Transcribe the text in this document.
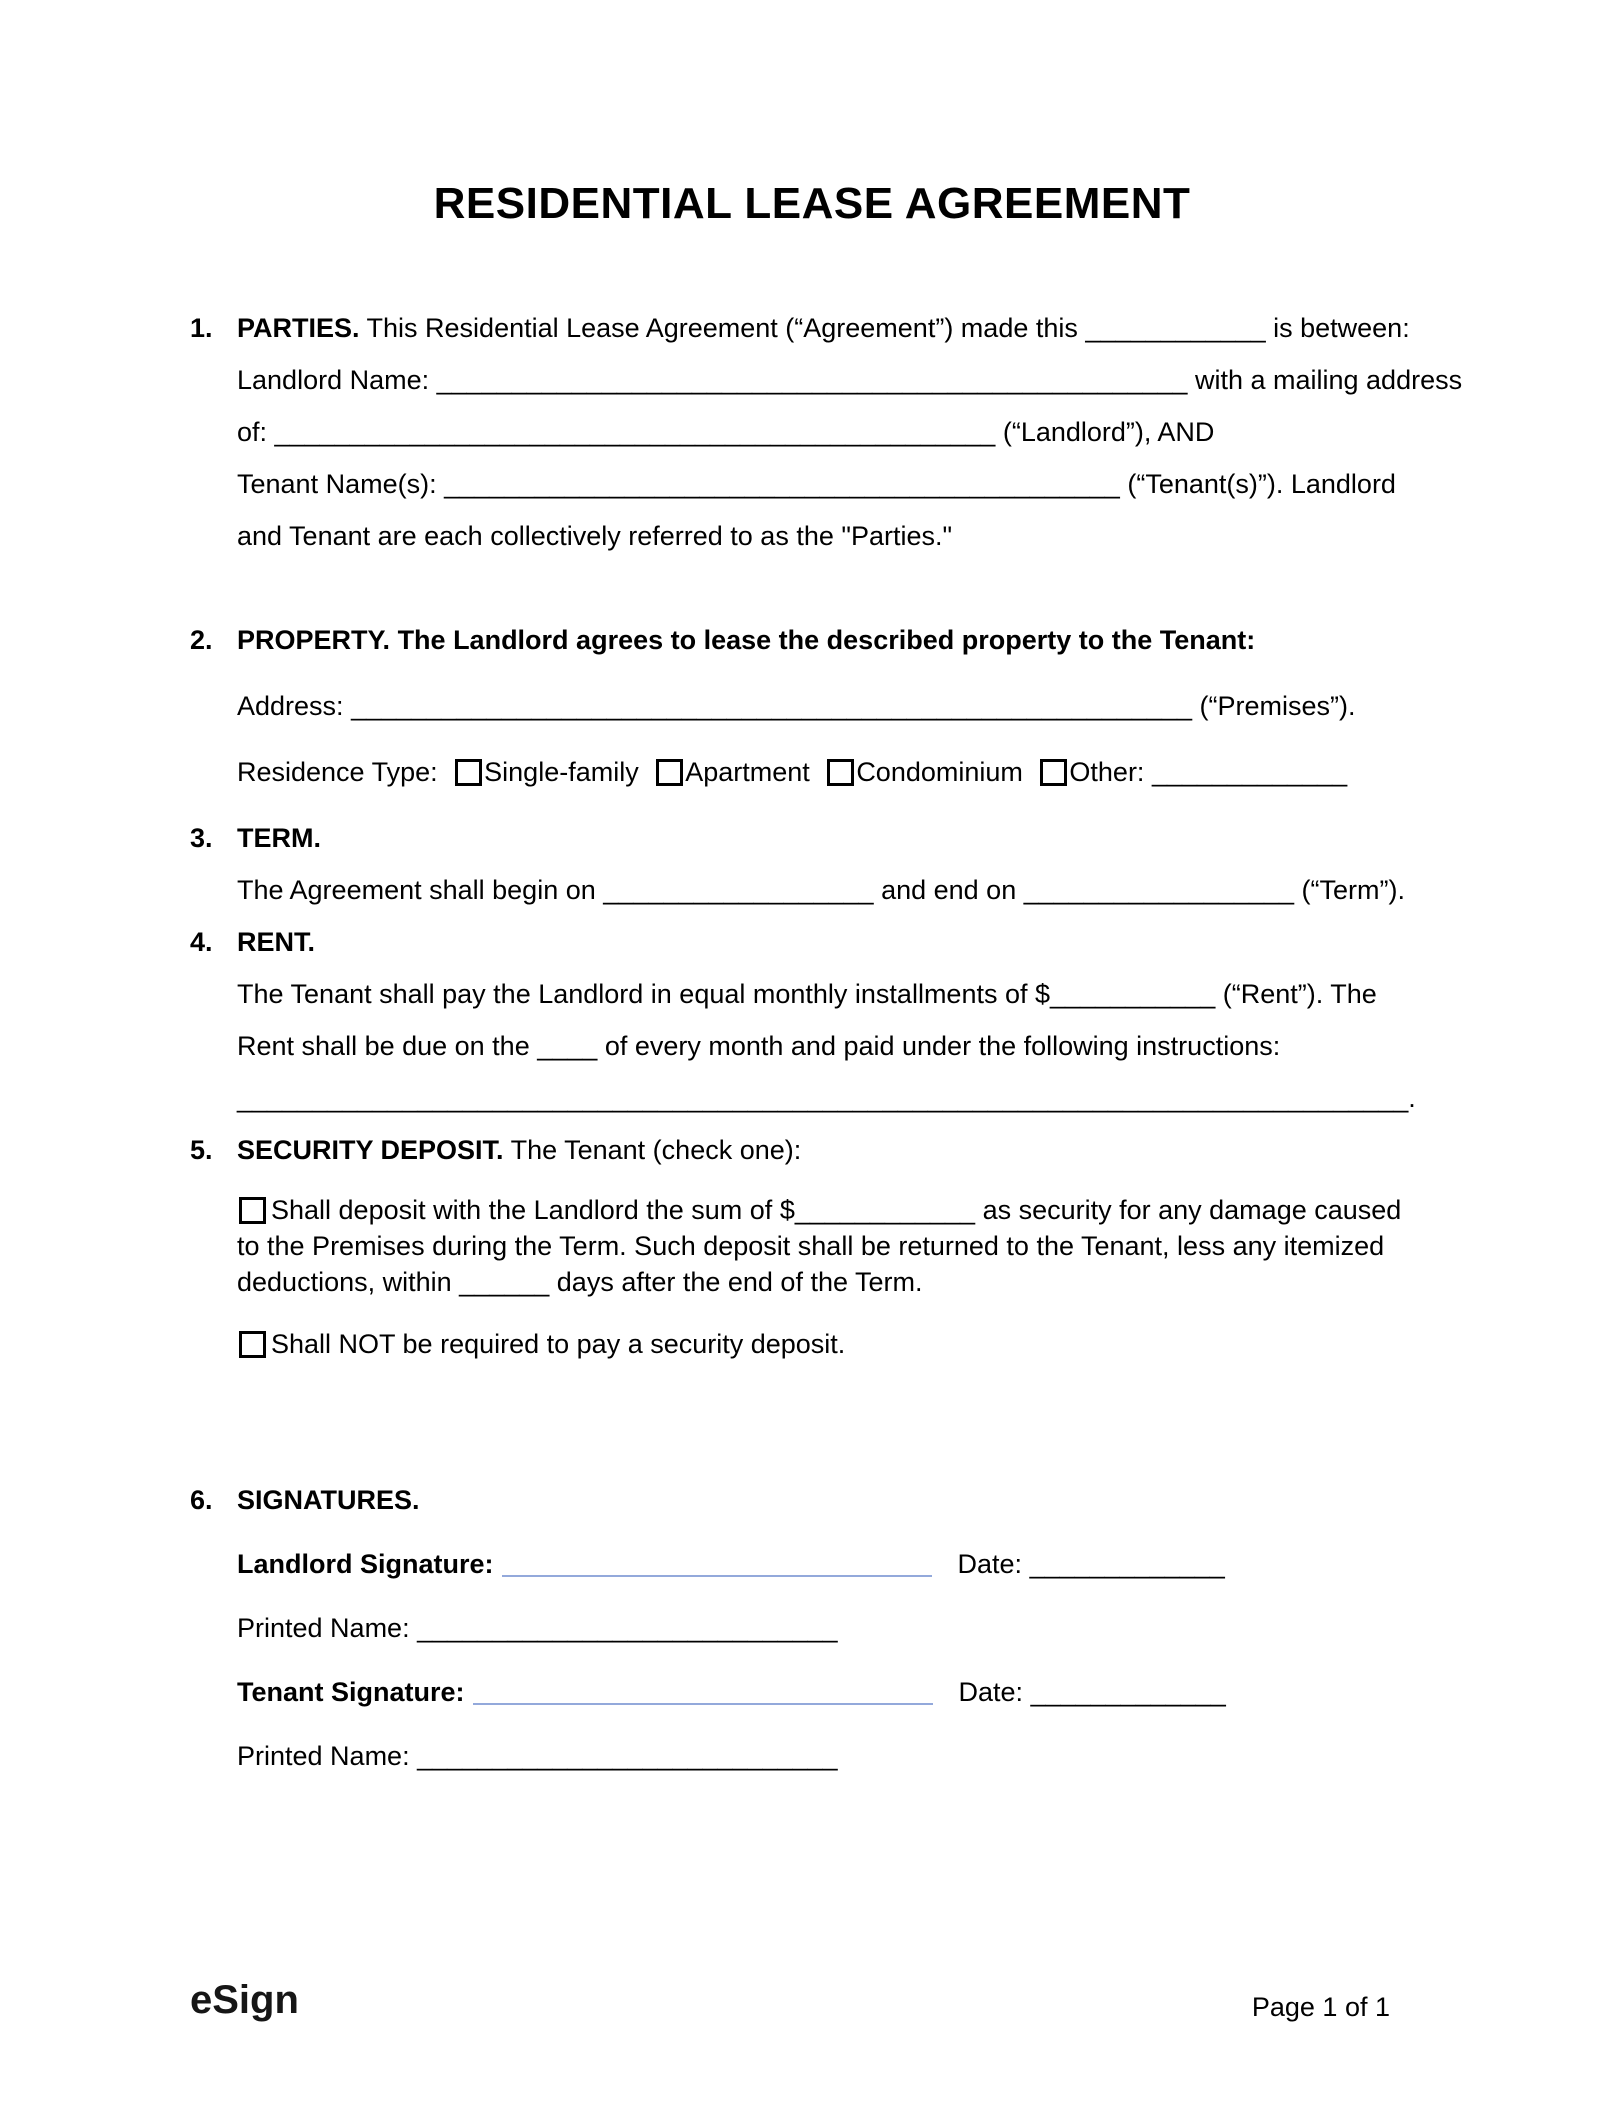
RESIDENTIAL LEASE AGREEMENT
1. PARTIES. This Residential Lease Agreement (“Agreement”) made this ____________ is between:
Landlord Name: __________________________________________________ with a mailing address
of: ________________________________________________ (“Landlord”), AND
Tenant Name(s): _____________________________________________ (“Tenant(s)”). Landlord
and Tenant are each collectively referred to as the "Parties."
2. PROPERTY. The Landlord agrees to lease the described property to the Tenant:
Address: ________________________________________________________ (“Premises”).
Residence Type: Single-family Apartment Condominium Other: _____________
3. TERM.
The Agreement shall begin on __________________ and end on __________________ (“Term”).
4. RENT.
The Tenant shall pay the Landlord in equal monthly installments of $___________ (“Rent”). The
Rent shall be due on the ____ of every month and paid under the following instructions:
______________________________________________________________________________.
5. SECURITY DEPOSIT. The Tenant (check one):
Shall deposit with the Landlord the sum of $____________ as security for any damage caused
to the Premises during the Term. Such deposit shall be returned to the Tenant, less any itemized
deductions, within ______ days after the end of the Term.
Shall NOT be required to pay a security deposit.
6. SIGNATURES.
Landlord Signature:	Date: _____________
Printed Name: ____________________________
Tenant Signature:	Date: _____________
Printed Name: ____________________________
eSign	Page 1 of 1
